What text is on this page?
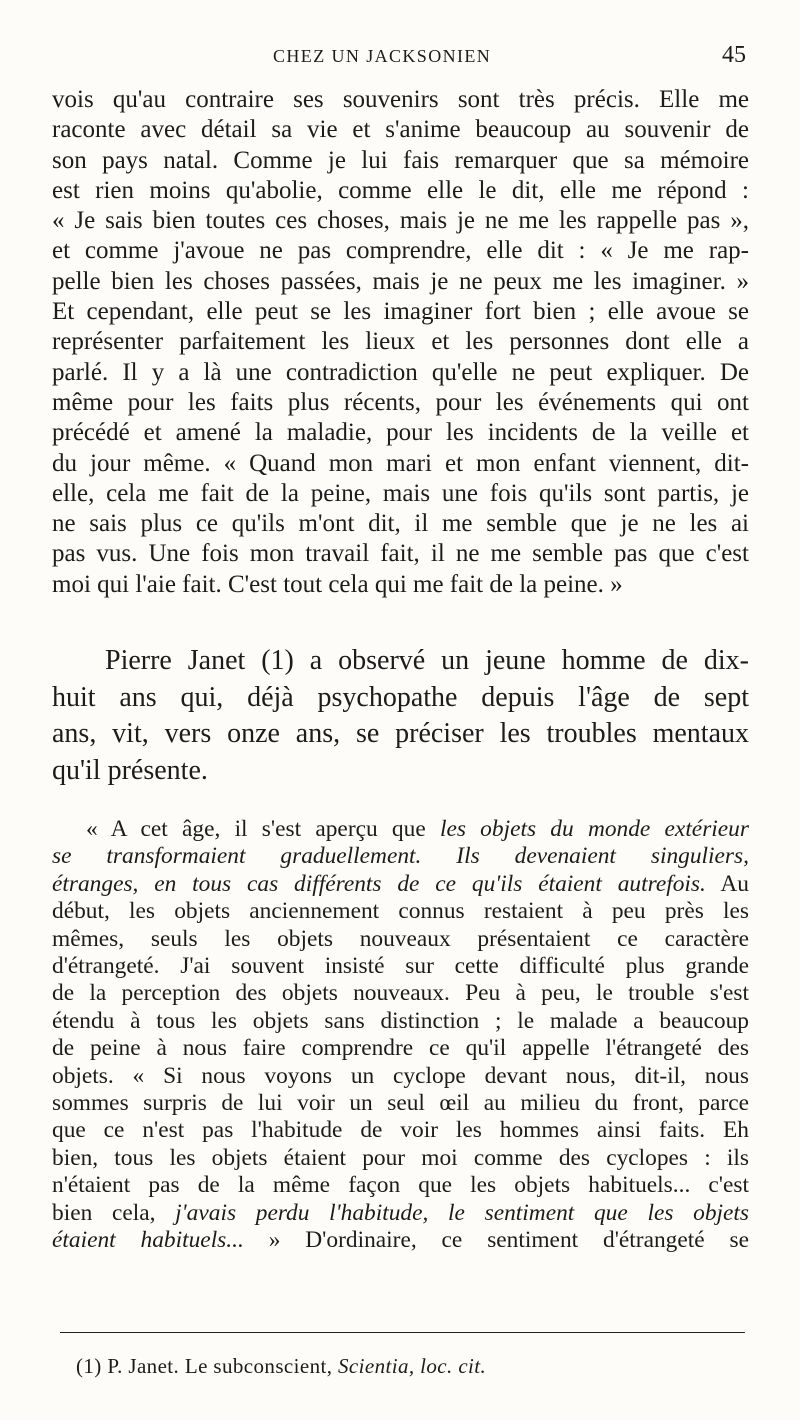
CHEZ UN JACKSONIEN	45

vois qu'au contraire ses souvenirs sont très précis. Elle me

raconte avec détail sa vie et s'anime beaucoup au souvenir de

son pays natal. Comme je lui fais remarquer que sa mémoire

est rien moins qu'abolie, comme elle le dit, elle me répond :

« Je sais bien toutes ces choses, mais je ne me les rappelle pas »,

et comme j'avoue ne pas comprendre, elle dit : « Je me rap-

pelle bien les choses passées, mais je ne peux me les imaginer. »

Et cependant, elle peut se les imaginer fort bien ; elle avoue se

représenter parfaitement les lieux et les personnes dont elle a

parlé. Il y a là une contradiction qu'elle ne peut expliquer. De

même pour les faits plus récents, pour les événements qui ont

précédé et amené la maladie, pour les incidents de la veille et

du jour même. « Quand mon mari et mon enfant viennent, dit-

elle, cela me fait de la peine, mais une fois qu'ils sont partis, je

ne sais plus ce qu'ils m'ont dit, il me semble que je ne les ai

pas vus. Une fois mon travail fait, il ne me semble pas que c'est

moi qui l'aie fait. C'est tout cela qui me fait de la peine. »

Pierre Janet (1) a observé un jeune homme de dix-

huit ans qui, déjà psychopathe depuis l'âge de sept

ans, vit, vers onze ans, se préciser les troubles mentaux

qu'il présente.

« A cet âge, il s'est aperçu que les objets du monde extérieur

se transformaient graduellement. Ils devenaient singuliers,

étranges, en tous cas différents de ce qu'ils étaient autrefois. Au

début, les objets anciennement connus restaient à peu près les

mêmes, seuls les objets nouveaux présentaient ce caractère

d'étrangeté. J'ai souvent insisté sur cette difficulté plus grande

de la perception des objets nouveaux. Peu à peu, le trouble s'est

étendu à tous les objets sans distinction ; le malade a beaucoup

de peine à nous faire comprendre ce qu'il appelle l'étrangeté des

objets. « Si nous voyons un cyclope devant nous, dit-il, nous

sommes surpris de lui voir un seul œil au milieu du front, parce

que ce n'est pas l'habitude de voir les hommes ainsi faits. Eh

bien, tous les objets étaient pour moi comme des cyclopes : ils

n'étaient pas de la même façon que les objets habituels... c'est

bien cela, j'avais perdu l'habitude, le sentiment que les objets

étaient habituels... » D'ordinaire, ce sentiment d'étrangeté se

(1) P. Janet. Le subconscient, Scientia, loc. cit.
